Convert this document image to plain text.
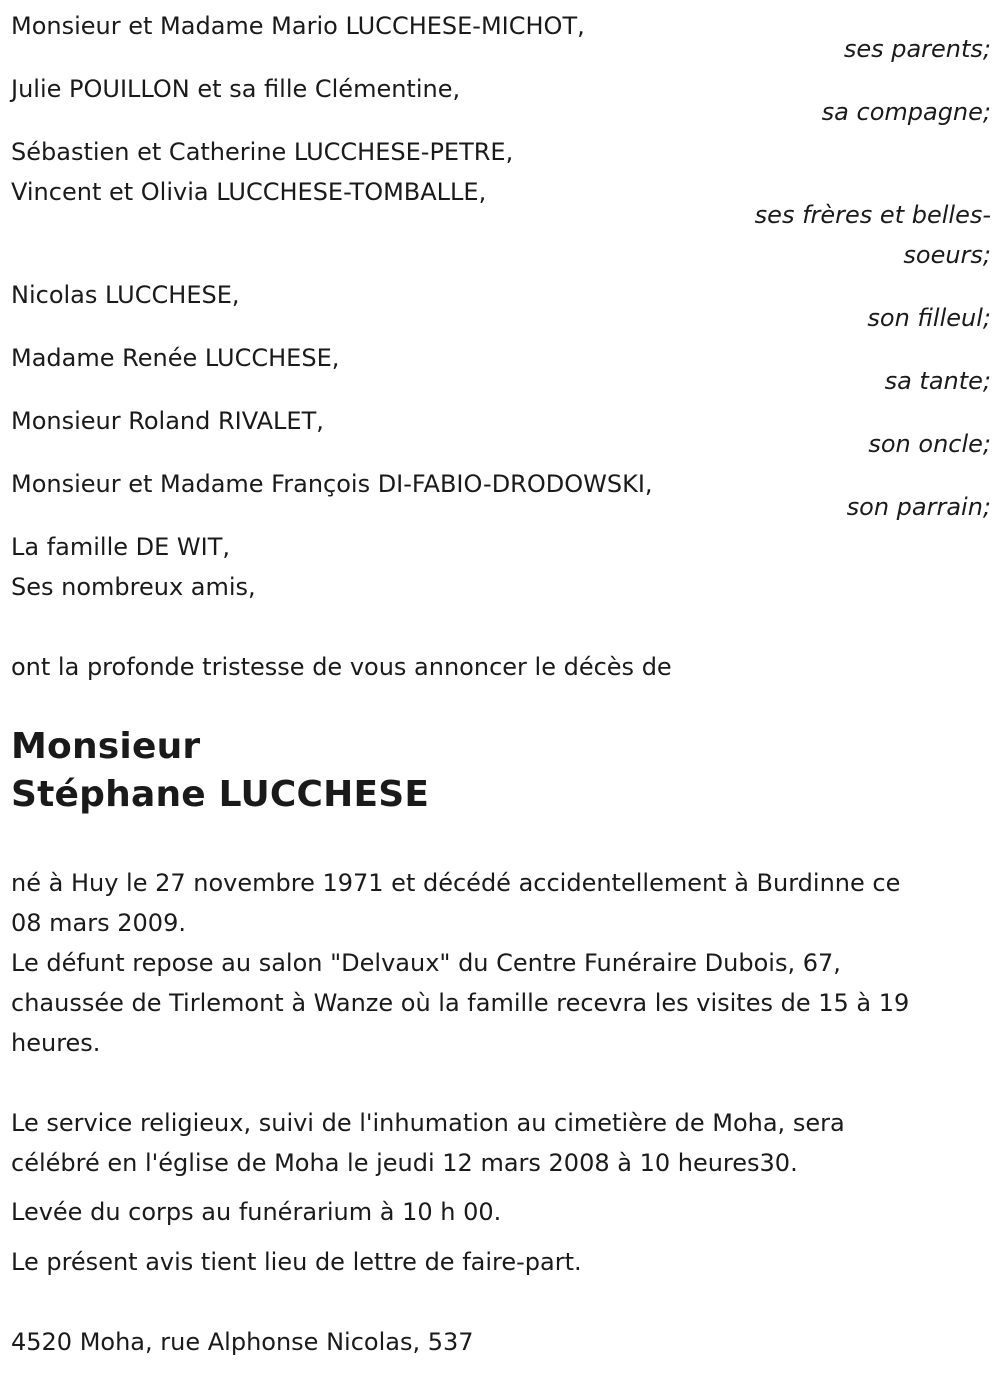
Monsieur et Madame Mario LUCCHESE-MICHOT,
ses parents;
Julie POUILLON et sa fille Clémentine,
sa compagne;
Sébastien et Catherine LUCCHESE-PETRE,
Vincent et Olivia LUCCHESE-TOMBALLE,
ses frères et belles-
soeurs;
Nicolas LUCCHESE,
son filleul;
Madame Renée LUCCHESE,
sa tante;
Monsieur Roland RIVALET,
son oncle;
Monsieur et Madame François DI-FABIO-DRODOWSKI,
son parrain;
La famille DE WIT,
Ses nombreux amis,
ont la profonde tristesse de vous annoncer le décès de
Monsieur
Stéphane LUCCHESE
né à Huy le 27 novembre 1971 et décédé accidentellement à Burdinne ce
08 mars 2009.
Le défunt repose au salon "Delvaux" du Centre Funéraire Dubois, 67,
chaussée de Tirlemont à Wanze où la famille recevra les visites de 15 à 19
heures.
Le service religieux, suivi de l'inhumation au cimetière de Moha, sera
célébré en l'église de Moha le jeudi 12 mars 2008 à 10 heures30.
Levée du corps au funérarium à 10 h 00.
Le présent avis tient lieu de lettre de faire-part.
4520 Moha, rue Alphonse Nicolas, 537
